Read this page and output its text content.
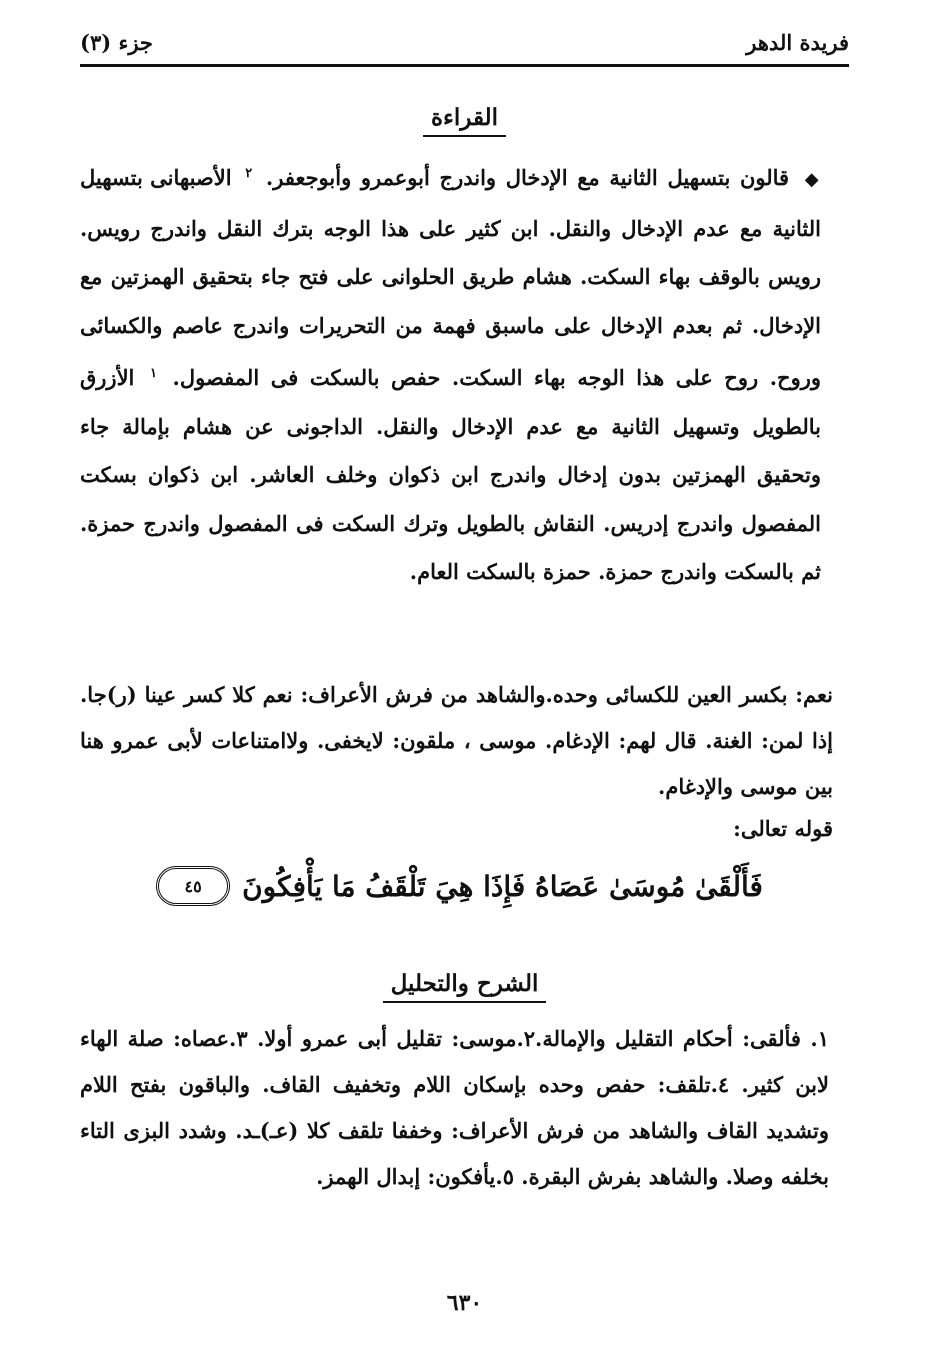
فريدة الدهر
جزء (٣)
القراءة
◆ قالون بتسهيل الثانية مع الإدخال واندرج أبوعمرو وأبوجعفر. $^٢$ الأصبهانى بتسهيل الثانية مع عدم الإدخال والنقل. ابن كثير على هذا الوجه بترك النقل واندرج رويس. رويس بالوقف بهاء السكت. هشام طريق الحلوانى على فتح جاء بتحقيق الهمزتين مع الإدخال. ثم بعدم الإدخال على ماسبق فهمة من التحريرات واندرج عاصم والكسائى وروح. روح على هذا الوجه بهاء السكت. حفص بالسكت فى المفصول. $^١$ الأزرق بالطويل وتسهيل الثانية مع عدم الإدخال والنقل. الداجونى عن هشام بإمالة جاء وتحقيق الهمزتين بدون إدخال واندرج ابن ذكوان وخلف العاشر. ابن ذكوان بسكت المفصول واندرج إدريس. النقاش بالطويل وترك السكت فى المفصول واندرج حمزة. ثم بالسكت واندرج حمزة. حمزة بالسكت العام.
نعم: بكسر العين للكسائى وحده.والشاهد من فرش الأعراف: نعم كلا كسر عينا (ر)جا. إذا لمن: الغنة. قال لهم: الإدغام. موسى ، ملقون: لايخفى. ولاامتناعات لأبى عمرو هنا بين موسى والإدغام.
قوله تعالى:
فَأَلْقَىٰ مُوسَىٰ عَصَاهُ فَإِذَا هِيَ تَلْقَفُ مَا يَأْفِكُونَ
٤٥
الشرح والتحليل
١. فألقى: أحكام التقليل والإمالة.٢.موسى: تقليل أبى عمرو أولا. ٣.عصاه: صلة الهاء لابن كثير. ٤.تلقف: حفص وحده بإسكان اللام وتخفيف القاف. والباقون بفتح اللام وتشديد القاف والشاهد من فرش الأعراف: وخففا تلقف كلا (عـ)ـد. وشدد البزى التاء بخلفه وصلا. والشاهد بفرش البقرة. ٥.يأفكون: إبدال الهمز.
٦٣٠
